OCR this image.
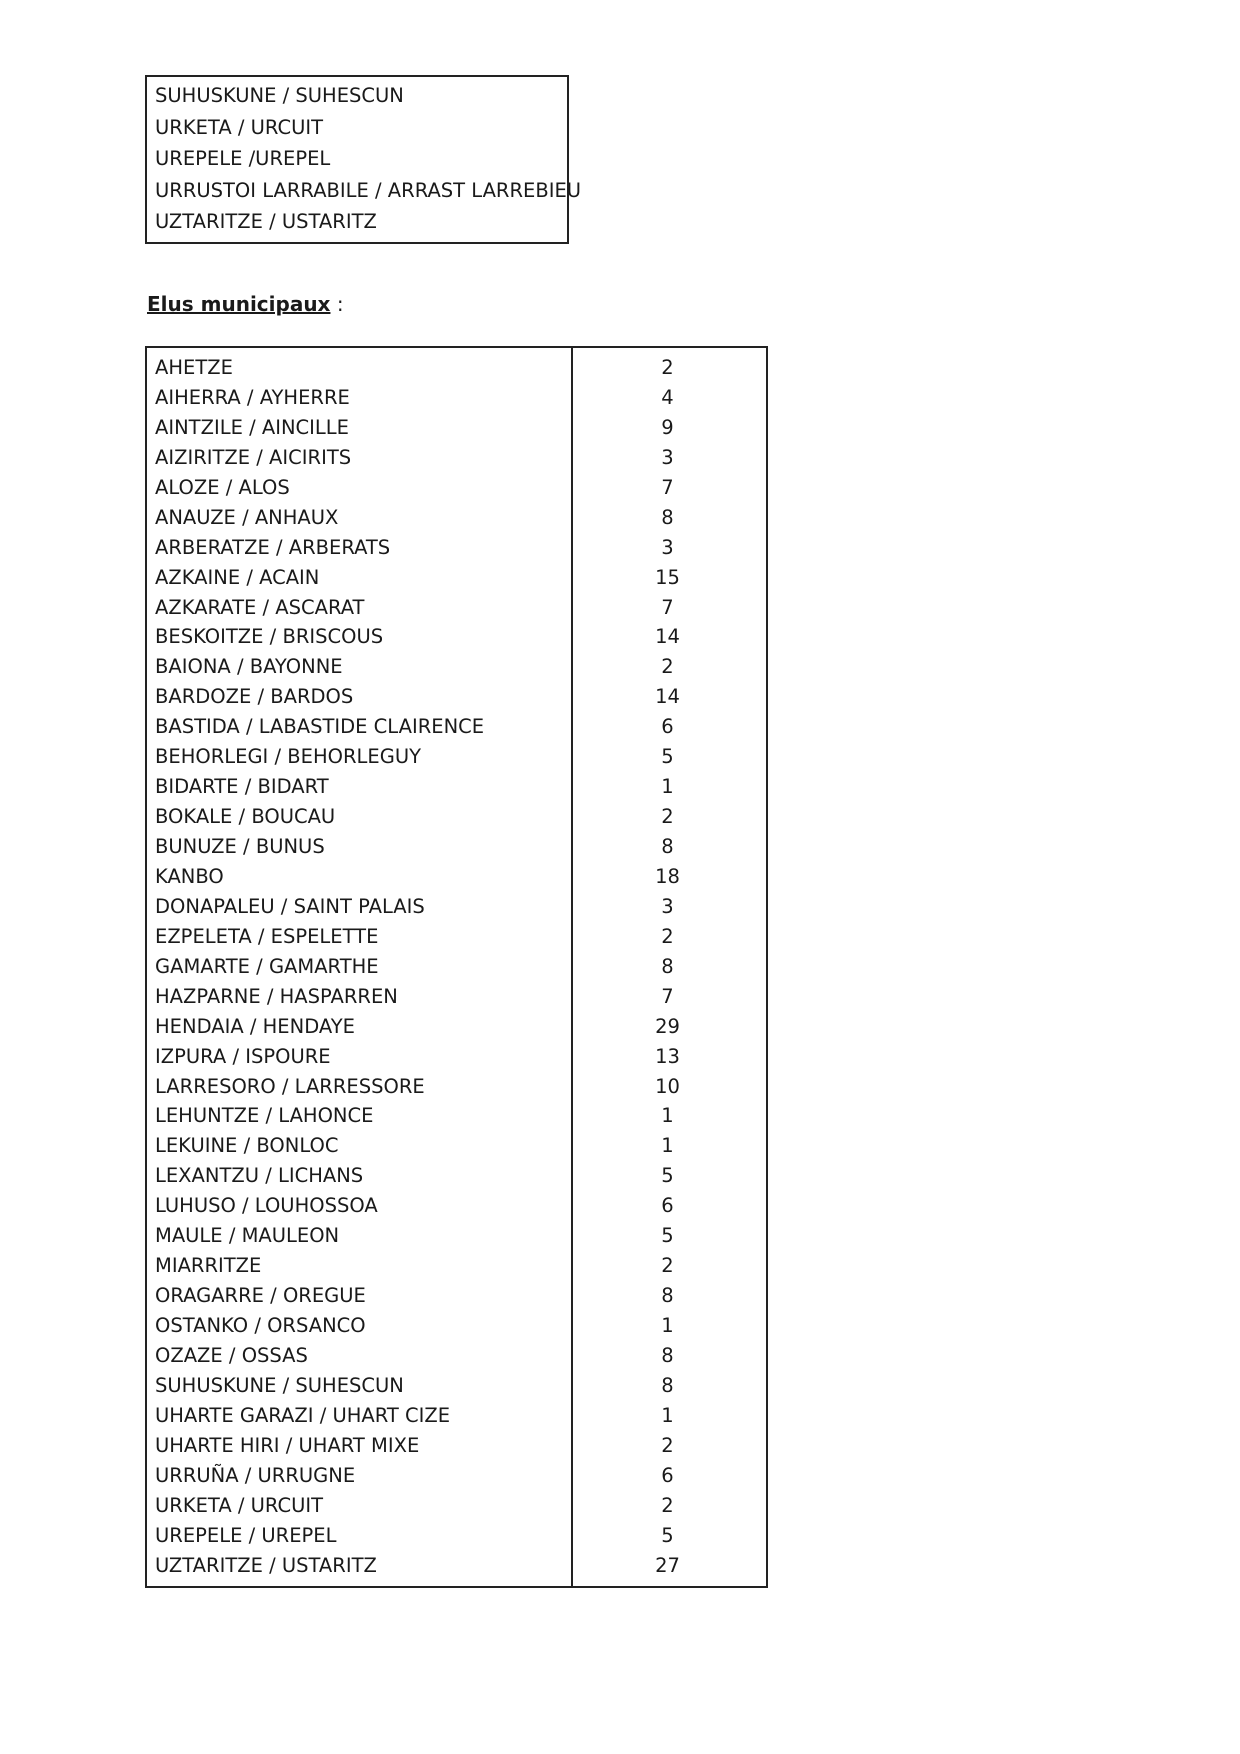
SUHUSKUNE / SUHESCUN
URKETA / URCUIT
UREPELE /UREPEL
URRUSTOI LARRABILE / ARRAST LARREBIEU
UZTARITZE / USTARITZ
Elus municipaux :
AHETZE	2
AIHERRA / AYHERRE	4
AINTZILE / AINCILLE	9
AIZIRITZE / AICIRITS	3
ALOZE / ALOS	7
ANAUZE / ANHAUX	8
ARBERATZE / ARBERATS	3
AZKAINE / ACAIN	15
AZKARATE / ASCARAT	7
BESKOITZE / BRISCOUS	14
BAIONA / BAYONNE	2
BARDOZE / BARDOS	14
BASTIDA / LABASTIDE CLAIRENCE	6
BEHORLEGI / BEHORLEGUY	5
BIDARTE / BIDART	1
BOKALE / BOUCAU	2
BUNUZE / BUNUS	8
KANBO	18
DONAPALEU / SAINT PALAIS	3
EZPELETA / ESPELETTE	2
GAMARTE / GAMARTHE	8
HAZPARNE / HASPARREN	7
HENDAIA / HENDAYE	29
IZPURA / ISPOURE	13
LARRESORO / LARRESSORE	10
LEHUNTZE / LAHONCE	1
LEKUINE / BONLOC	1
LEXANTZU / LICHANS	5
LUHUSO / LOUHOSSOA	6
MAULE / MAULEON	5
MIARRITZE	2
ORAGARRE / OREGUE	8
OSTANKO / ORSANCO	1
OZAZE / OSSAS	8
SUHUSKUNE / SUHESCUN	8
UHARTE GARAZI / UHART CIZE	1
UHARTE HIRI / UHART MIXE	2
URRUÑA / URRUGNE	6
URKETA / URCUIT	2
UREPELE / UREPEL	5
UZTARITZE / USTARITZ	27
